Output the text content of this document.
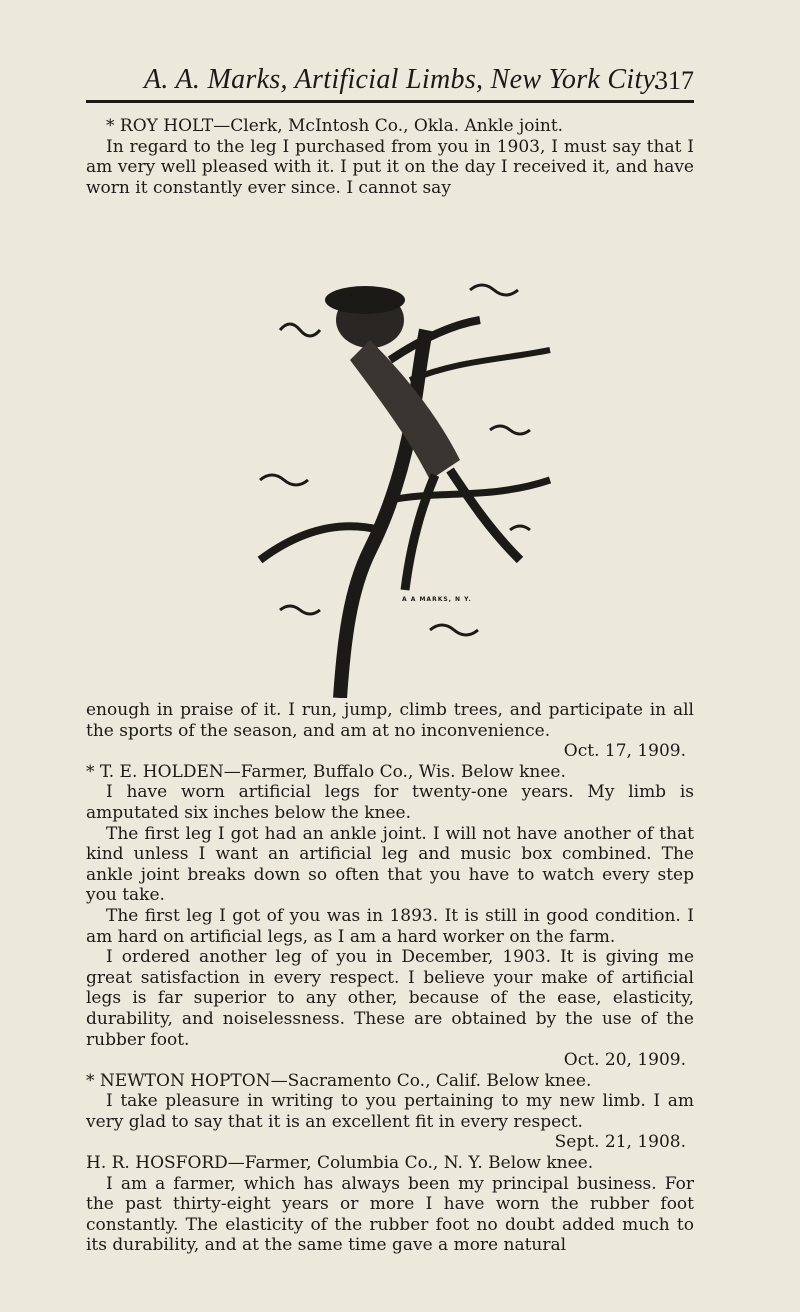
A. A. Marks, Artificial Limbs, New York City.
317

* ROY HOLT—Clerk, McIntosh Co., Okla. Ankle joint.

In regard to the leg I purchased from you in 1903, I must say that I am very well pleased with it. I put it on the day I received it, and have worn it constantly ever since. I cannot say

A A MARKS, N Y.

enough in praise of it. I run, jump, climb trees, and participate in all the sports of the season, and am at no inconvenience.

Oct. 17, 1909.

* T. E. HOLDEN—Farmer, Buffalo Co., Wis. Below knee.

I have worn artificial legs for twenty-one years. My limb is amputated six inches below the knee.

The first leg I got had an ankle joint. I will not have another of that kind unless I want an artificial leg and music box combined. The ankle joint breaks down so often that you have to watch every step you take.

The first leg I got of you was in 1893. It is still in good condition. I am hard on artificial legs, as I am a hard worker on the farm.

I ordered another leg of you in December, 1903. It is giving me great satisfaction in every respect. I believe your make of artificial legs is far superior to any other, because of the ease, elasticity, durability, and noiselessness. These are obtained by the use of the rubber foot.

Oct. 20, 1909.

* NEWTON HOPTON—Sacramento Co., Calif. Below knee.

I take pleasure in writing to you pertaining to my new limb. I am very glad to say that it is an excellent fit in every respect.

Sept. 21, 1908.

H. R. HOSFORD—Farmer, Columbia Co., N. Y. Below knee.

I am a farmer, which has always been my principal business. For the past thirty-eight years or more I have worn the rubber foot constantly. The elasticity of the rubber foot no doubt added much to its durability, and at the same time gave a more natural
